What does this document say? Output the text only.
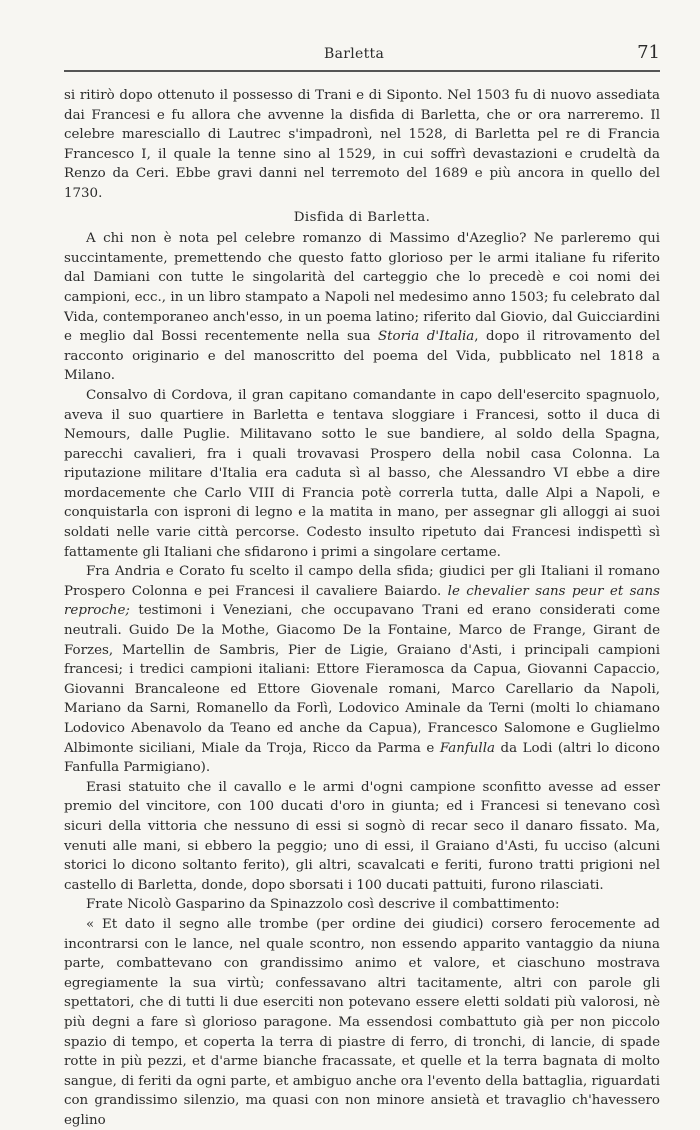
Barletta	71

si ritirò dopo ottenuto il possesso di Trani e di Siponto. Nel 1503 fu di nuovo assediata dai Francesi e fu allora che avvenne la disfida di Barletta, che or ora narreremo. Il celebre maresciallo di Lautrec s'impadronì, nel 1528, di Barletta pel re di Francia Francesco I, il quale la tenne sino al 1529, in cui soffrì devastazioni e crudeltà da Renzo da Ceri. Ebbe gravi danni nel terremoto del 1689 e più ancora in quello del 1730.

Disfida di Barletta.

A chi non è nota pel celebre romanzo di Massimo d'Azeglio? Ne parleremo qui succintamente, premettendo che questo fatto glorioso per le armi italiane fu riferito dal Damiani con tutte le singolarità del carteggio che lo precedè e coi nomi dei campioni, ecc., in un libro stampato a Napoli nel medesimo anno 1503; fu celebrato dal Vida, contemporaneo anch'esso, in un poema latino; riferito dal Giovio, dal Guicciardini e meglio dal Bossi recentemente nella sua Storia d'Italia, dopo il ritrovamento del racconto originario e del manoscritto del poema del Vida, pubblicato nel 1818 a Milano.

Consalvo di Cordova, il gran capitano comandante in capo dell'esercito spagnuolo, aveva il suo quartiere in Barletta e tentava sloggiare i Francesi, sotto il duca di Nemours, dalle Puglie. Militavano sotto le sue bandiere, al soldo della Spagna, parecchi cavalieri, fra i quali trovavasi Prospero della nobil casa Colonna. La riputazione militare d'Italia era caduta sì al basso, che Alessandro VI ebbe a dire mordacemente che Carlo VIII di Francia potè correrla tutta, dalle Alpi a Napoli, e conquistarla con isproni di legno e la matita in mano, per assegnar gli alloggi ai suoi soldati nelle varie città percorse. Codesto insulto ripetuto dai Francesi indispettì sì fattamente gli Italiani che sfidarono i primi a singolare certame.

Fra Andria e Corato fu scelto il campo della sfida; giudici per gli Italiani il romano Prospero Colonna e pei Francesi il cavaliere Baiardo. le chevalier sans peur et sans reproche; testimoni i Veneziani, che occupavano Trani ed erano considerati come neutrali. Guido De la Mothe, Giacomo De la Fontaine, Marco de Frange, Girant de Forzes, Martellin de Sambris, Pier de Ligie, Graiano d'Asti, i principali campioni francesi; i tredici campioni italiani: Ettore Fieramosca da Capua, Giovanni Capaccio, Giovanni Brancaleone ed Ettore Giovenale romani, Marco Carellario da Napoli, Mariano da Sarni, Romanello da Forlì, Lodovico Aminale da Terni (molti lo chiamano Lodovico Abenavolo da Teano ed anche da Capua), Francesco Salomone e Guglielmo Albimonte siciliani, Miale da Troja, Ricco da Parma e Fanfulla da Lodi (altri lo dicono Fanfulla Parmigiano).

Erasi statuito che il cavallo e le armi d'ogni campione sconfitto avesse ad esser premio del vincitore, con 100 ducati d'oro in giunta; ed i Francesi si tenevano così sicuri della vittoria che nessuno di essi si sognò di recar seco il danaro fissato. Ma, venuti alle mani, si ebbero la peggio; uno di essi, il Graiano d'Asti, fu ucciso (alcuni storici lo dicono soltanto ferito), gli altri, scavalcati e feriti, furono tratti prigioni nel castello di Barletta, donde, dopo sborsati i 100 ducati pattuiti, furono rilasciati.

Frate Nicolò Gasparino da Spinazzolo così descrive il combattimento:

« Et dato il segno alle trombe (per ordine dei giudici) corsero ferocemente ad incontrarsi con le lance, nel quale scontro, non essendo apparito vantaggio da niuna parte, combattevano con grandissimo animo et valore, et ciaschuno mostrava egregiamente la sua virtù; confessavano altri tacitamente, altri con parole gli spettatori, che di tutti li due eserciti non potevano essere eletti soldati più valorosi, nè più degni a fare sì glorioso paragone. Ma essendosi combattuto già per non piccolo spazio di tempo, et coperta la terra di piastre di ferro, di tronchi, di lancie, di spade rotte in più pezzi, et d'arme bianche fracassate, et quelle et la terra bagnata di molto sangue, di feriti da ogni parte, et ambiguo anche ora l'evento della battaglia, riguardati con grandissimo silenzio, ma quasi con non minore ansietà et travaglio ch'havessero eglino
